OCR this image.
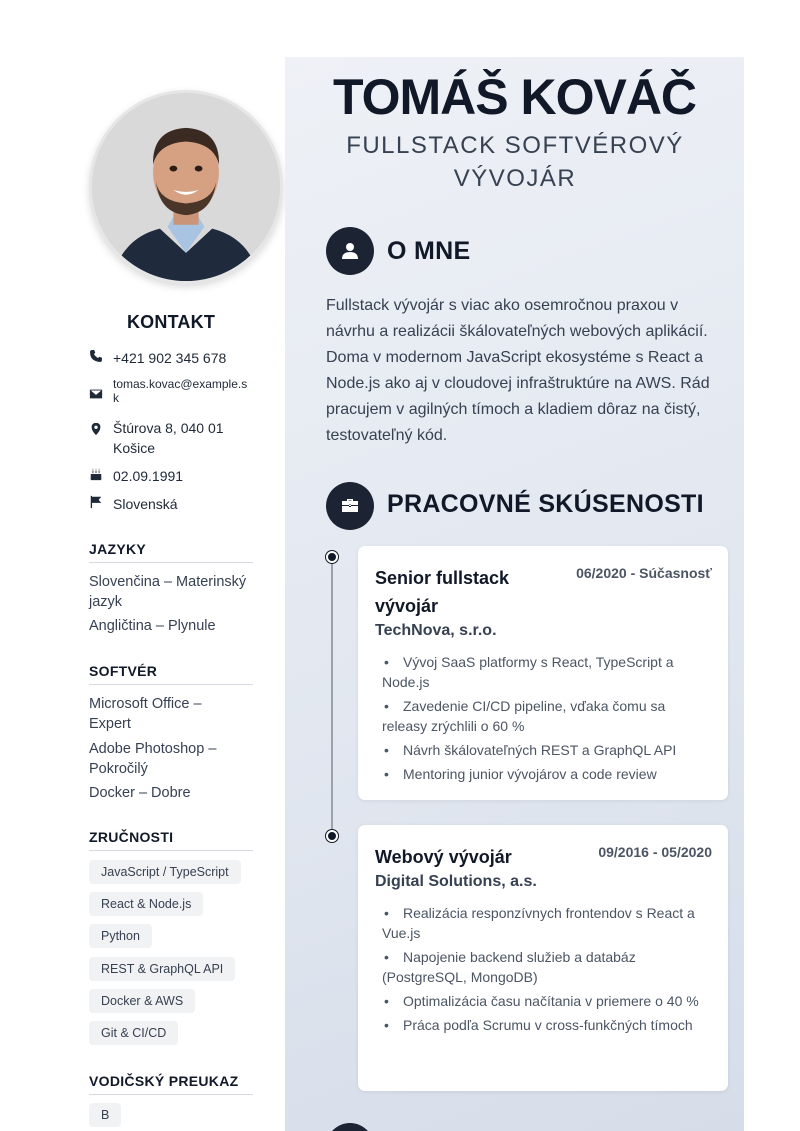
KONTAKT
+421 902 345 678
tomas.kovac@example.sk
Štúrova 8, 040 01 Košice
02.09.1991
Slovenská
JAZYKY
Slovenčina – Materinský jazyk
Angličtina – Plynule
SOFTVÉR
Microsoft Office – Expert
Adobe Photoshop – Pokročilý
Docker – Dobre
ZRUČNOSTI
JavaScript / TypeScript
React & Node.js
Python
REST & GraphQL API
Docker & AWS
Git & CI/CD
VODIČSKÝ PREUKAZ
B
TOMÁŠ KOVÁČ
FULLSTACK SOFTVÉROVÝ VÝVOJÁR
O MNE
Fullstack vývojár s viac ako osemročnou praxou v návrhu a realizácii škálovateľných webových aplikácií. Doma v modernom JavaScript ekosystéme s React a Node.js ako aj v cloudovej infraštruktúre na AWS. Rád pracujem v agilných tímoch a kladiem dôraz na čistý, testovateľný kód.
PRACOVNÉ SKÚSENOSTI
Senior fullstack vývojár
06/2020 - Súčasnosť
TechNova, s.r.o.
• Vývoj SaaS platformy s React, TypeScript a Node.js
• Zavedenie CI/CD pipeline, vďaka čomu sa releasy zrýchlili o 60 %
• Návrh škálovateľných REST a GraphQL API
• Mentoring junior vývojárov a code review
Webový vývojár	09/2016 - 05/2020
Digital Solutions, a.s.
• Realizácia responzívnych frontendov s React a Vue.js
• Napojenie backend služieb a databáz (PostgreSQL, MongoDB)
• Optimalizácia času načítania v priemere o 40 %
• Práca podľa Scrumu v cross-funkčných tímoch
